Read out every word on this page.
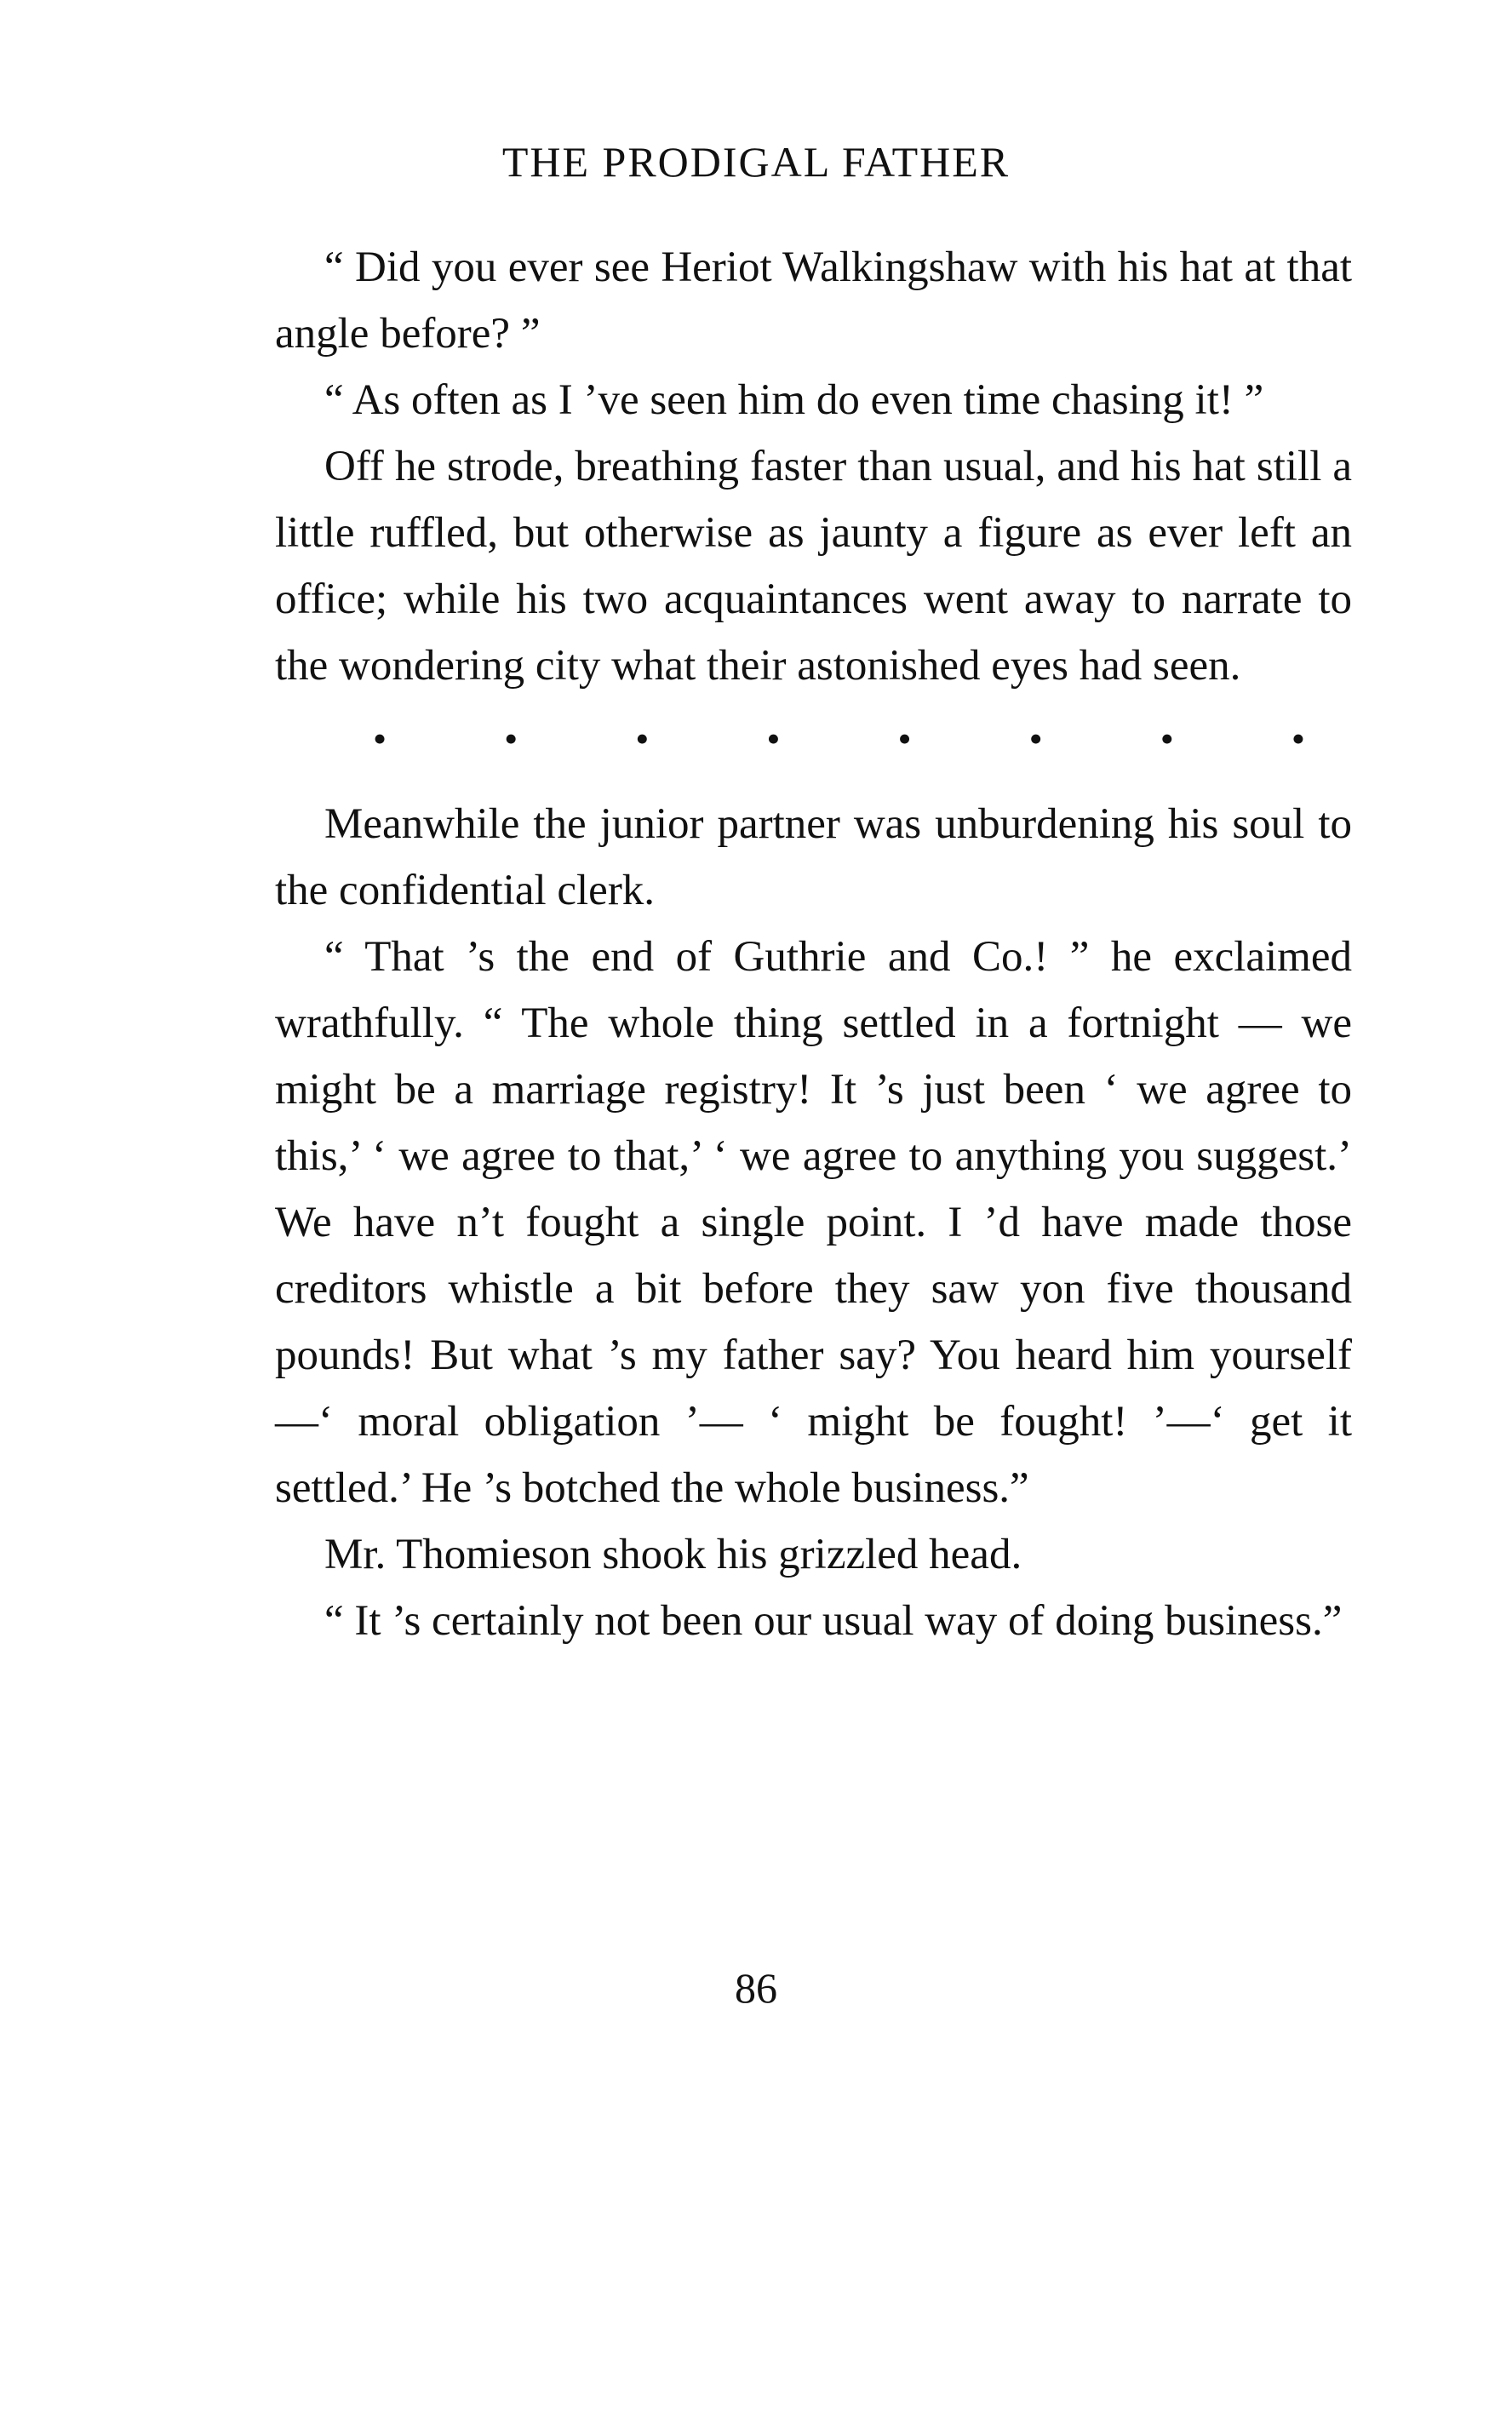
THE PRODIGAL FATHER

“ Did you ever see Heriot Walkingshaw with his hat at that angle before? ”

“ As often as I ’ve seen him do even time chasing it! ”

Off he strode, breathing faster than usual, and his hat still a little ruffled, but otherwise as jaunty a figure as ever left an office; while his two acquaintances went away to narrate to the wondering city what their astonished eyes had seen.

•	•	•	•	•	•	•	•

Meanwhile the junior partner was unburdening his soul to the confidential clerk.

“ That ’s the end of Guthrie and Co.! ” he exclaimed wrathfully. “ The whole thing settled in a fortnight — we might be a marriage registry! It ’s just been ‘ we agree to this,’ ‘ we agree to that,’ ‘ we agree to anything you suggest.’ We have n’t fought a single point. I ’d have made those creditors whistle a bit before they saw yon five thousand pounds! But what ’s my father say? You heard him yourself —‘ moral obligation ’— ‘ might be fought! ’—‘ get it settled.’ He ’s botched the whole business.”

Mr. Thomieson shook his grizzled head.

“ It ’s certainly not been our usual way of doing business.”

86
